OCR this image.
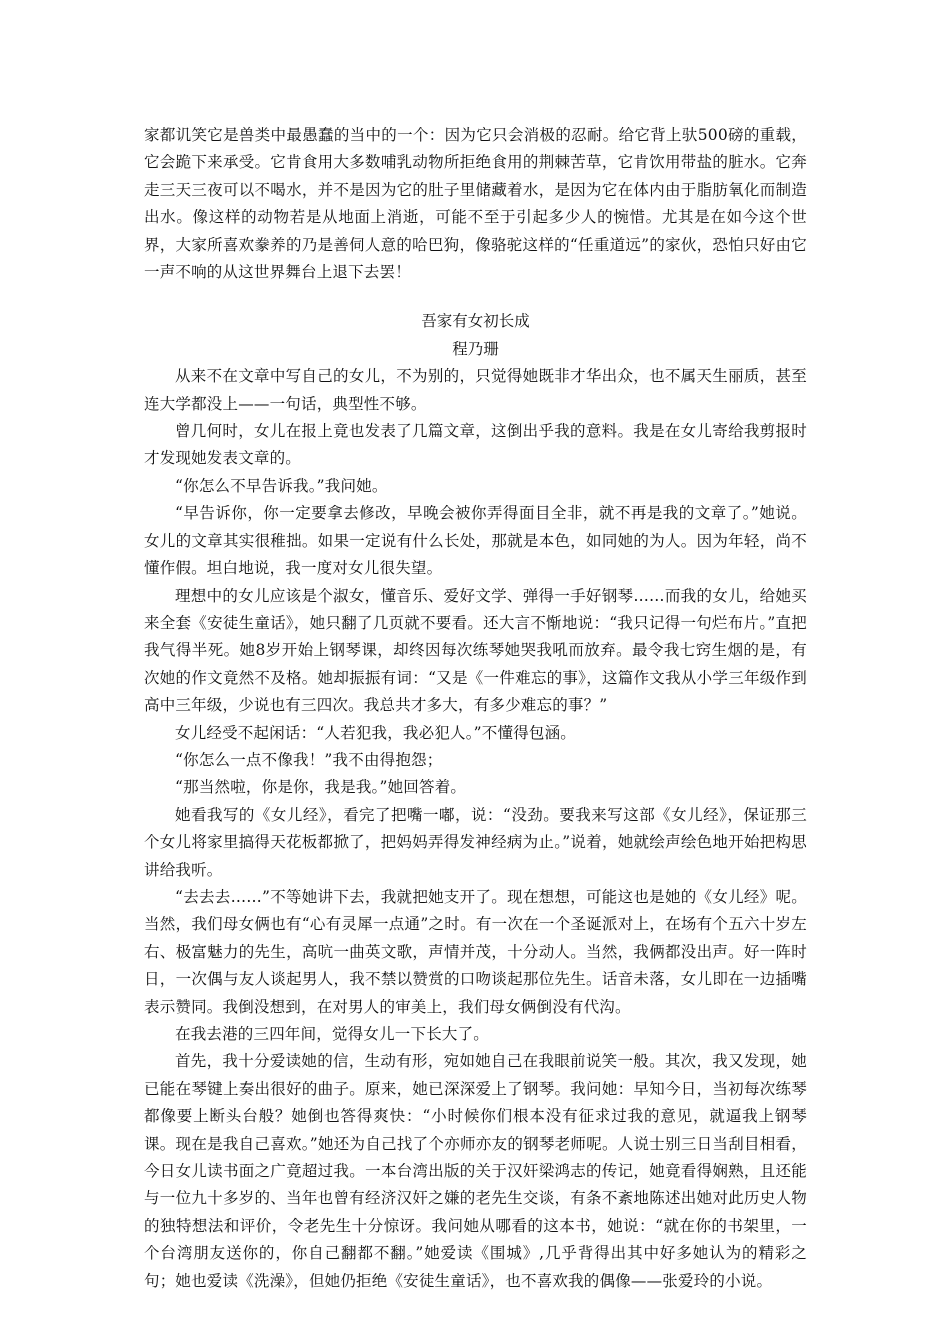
家都讥笑它是兽类中最愚蠢的当中的一个：因为它只会消极的忍耐。给它背上驮500磅的重载，它会跪下来承受。它肯食用大多数哺乳动物所拒绝食用的荆棘苦草，它肯饮用带盐的脏水。它奔走三天三夜可以不喝水，并不是因为它的肚子里储藏着水，是因为它在体内由于脂肪氧化而制造出水。像这样的动物若是从地面上消逝，可能不至于引起多少人的惋惜。尤其是在如今这个世界，大家所喜欢豢养的乃是善伺人意的哈巴狗，像骆驼这样的“任重道远”的家伙，恐怕只好由它一声不响的从这世界舞台上退下去罢！

吾家有女初长成
程乃珊

从来不在文章中写自己的女儿，不为别的，只觉得她既非才华出众，也不属天生丽质，甚至连大学都没上——一句话，典型性不够。

曾几何时，女儿在报上竟也发表了几篇文章，这倒出乎我的意料。我是在女儿寄给我剪报时才发现她发表文章的。

“你怎么不早告诉我。”我问她。

“早告诉你，你一定要拿去修改，早晚会被你弄得面目全非，就不再是我的文章了。”她说。女儿的文章其实很稚拙。如果一定说有什么长处，那就是本色，如同她的为人。因为年轻，尚不懂作假。坦白地说，我一度对女儿很失望。

理想中的女儿应该是个淑女，懂音乐、爱好文学、弹得一手好钢琴……而我的女儿，给她买来全套《安徒生童话》，她只翻了几页就不要看。还大言不惭地说：“我只记得一句烂布片。”直把我气得半死。她8岁开始上钢琴课，却终因每次练琴她哭我吼而放弃。最令我七窍生烟的是，有次她的作文竟然不及格。她却振振有词：“又是《一件难忘的事》，这篇作文我从小学三年级作到高中三年级，少说也有三四次。我总共才多大，有多少难忘的事？”

女儿经受不起闲话：“人若犯我，我必犯人。”不懂得包涵。

“你怎么一点不像我！”我不由得抱怨；

“那当然啦，你是你，我是我。”她回答着。

她看我写的《女儿经》，看完了把嘴一嘟，说：“没劲。要我来写这部《女儿经》，保证那三个女儿将家里搞得天花板都掀了，把妈妈弄得发神经病为止。”说着，她就绘声绘色地开始把构思讲给我听。

“去去去……”不等她讲下去，我就把她支开了。现在想想，可能这也是她的《女儿经》呢。当然，我们母女俩也有“心有灵犀一点通”之时。有一次在一个圣诞派对上，在场有个五六十岁左右、极富魅力的先生，高吭一曲英文歌，声情并茂，十分动人。当然，我俩都没出声。好一阵时日，一次偶与友人谈起男人，我不禁以赞赏的口吻谈起那位先生。话音未落，女儿即在一边插嘴表示赞同。我倒没想到，在对男人的审美上，我们母女俩倒没有代沟。

在我去港的三四年间，觉得女儿一下长大了。

首先，我十分爱读她的信，生动有形，宛如她自己在我眼前说笑一般。其次，我又发现，她已能在琴键上奏出很好的曲子。原来，她已深深爱上了钢琴。我问她：早知今日，当初每次练琴都像要上断头台般？她倒也答得爽快：“小时候你们根本没有征求过我的意见，就逼我上钢琴课。现在是我自己喜欢。”她还为自己找了个亦师亦友的钢琴老师呢。人说士别三日当刮目相看，今日女儿读书面之广竟超过我。一本台湾出版的关于汉奸梁鸿志的传记，她竟看得娴熟，且还能与一位九十多岁的、当年也曾有经济汉奸之嫌的老先生交谈，有条不紊地陈述出她对此历史人物的独特想法和评价，令老先生十分惊讶。我问她从哪看的这本书，她说：“就在你的书架里，一个台湾朋友送你的，你自己翻都不翻。”她爱读《围城》,几乎背得出其中好多她认为的精彩之句；她也爱读《洗澡》，但她仍拒绝《安徒生童话》，也不喜欢我的偶像——张爱玲的小说。
